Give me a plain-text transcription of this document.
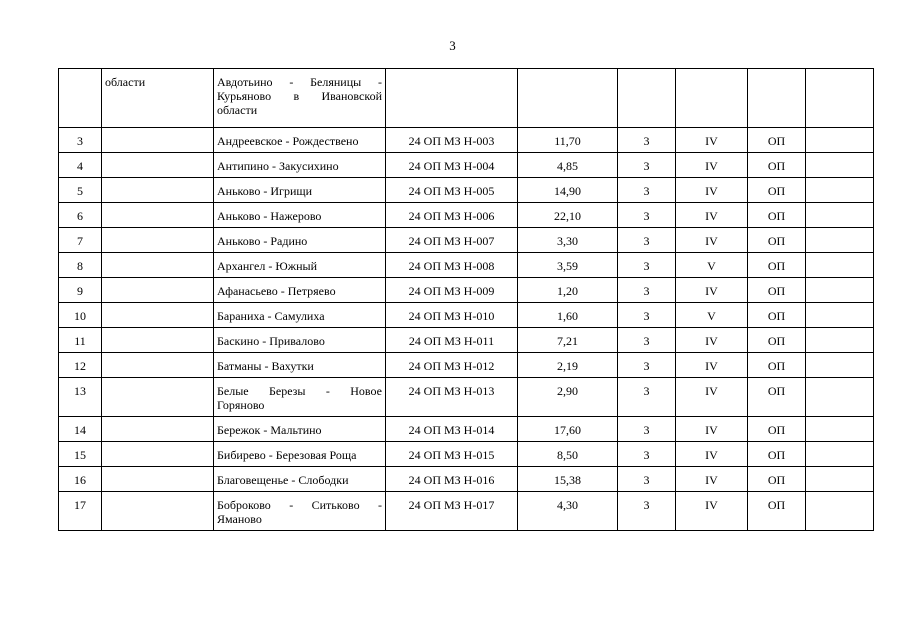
3
	области	Авдотьино - Беляницы -
Курьяново в Ивановской
области						

3		Андреевское - Рождествено	24 ОП МЗ Н-003	11,70	3	IV	ОП	
4		Антипино - Закусихино	24 ОП МЗ Н-004	4,85	3	IV	ОП	
5		Аньково - Игрищи	24 ОП МЗ Н-005	14,90	3	IV	ОП	
6		Аньково - Нажерово	24 ОП МЗ Н-006	22,10	3	IV	ОП	
7		Аньково - Радино	24 ОП МЗ Н-007	3,30	3	IV	ОП	
8		Архангел - Южный	24 ОП МЗ Н-008	3,59	3	V	ОП	
9		Афанасьево - Петряево	24 ОП МЗ Н-009	1,20	3	IV	ОП	
10		Бараниха - Самулиха	24 ОП МЗ Н-010	1,60	3	V	ОП	
11		Баскино - Привалово	24 ОП МЗ Н-011	7,21	3	IV	ОП	
12		Батманы - Вахутки	24 ОП МЗ Н-012	2,19	3	IV	ОП	
13		Белые Березы - Новое
Горяново	24 ОП МЗ Н-013	2,90	3	IV	ОП	
14		Бережок - Мальтино	24 ОП МЗ Н-014	17,60	3	IV	ОП	
15		Бибирево - Березовая Роща	24 ОП МЗ Н-015	8,50	3	IV	ОП	
16		Благовещенье - Слободки	24 ОП МЗ Н-016	15,38	3	IV	ОП	
17		Боброково - Ситьково -
Ямановo	24 ОП МЗ Н-017	4,30	3	IV	ОП	
